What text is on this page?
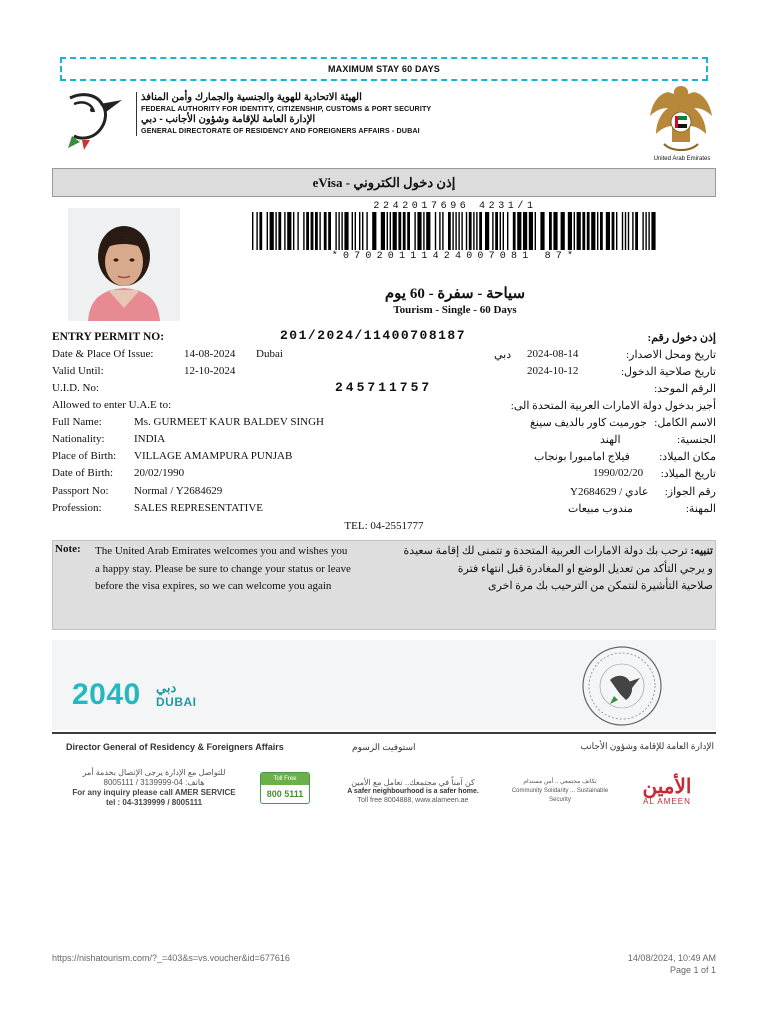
MAXIMUM STAY 60 DAYS
الهيئة الاتحادية للهوية والجنسية والجمارك وأمن المنافذ
FEDERAL AUTHORITY FOR IDENTITY, CITIZENSHIP, CUSTOMS & PORT SECURITY
الإدارة العامة للإقامة وشؤون الأجانب - دبي
GENERAL DIRECTORATE OF RESIDENCY AND FOREIGNERS AFFAIRS - DUBAI
United Arab Emirates
eVisa - إذن دخول الكتروني
2242017696 4231/1
*07020111424007081 87*
سياحة - سفرة - 60 يوم
Tourism - Single - 60 Days
ENTRY PERMIT NO:	201/2024/11400708187	إذن دخول رقم:
Date & Place Of Issue:	14-08-2024 Dubai	دبي 2024-08-14	تاريخ ومحل الاصدار:
Valid Until:	12-10-2024	2024-10-12	تاريخ صلاحية الدخول:
U.I.D. No:	245711757	الرقم الموحد:
Allowed to enter U.A.E to:	أجيز بدخول دولة الامارات العربية المتحدة الى:
Full Name:	Ms. GURMEET KAUR BALDEV SINGH	جورميت كاور بالديف سينغ الاسم الكامل:
Nationality:	INDIA	الهند	الجنسية:
Place of Birth: VILLAGE AMAMPURA PUNJAB	فيلاج امامبورا بونجاب	مكان الميلاد:
Date of Birth: 20/02/1990	1990/02/20 تاريخ الميلاد:
Passport No: Normal / Y2684629	Y2684629 / عادي رقم الجواز:
Profession:	SALES REPRESENTATIVE	مندوب مبيعات	المهنة:
TEL: 04-2551777
Note: The United Arab Emirates welcomes you and wishes you
a happy stay. Please be sure to change your status or leave
before the visa expires, so we can welcome you again
تنبيه: ترحب بك دولة الامارات العربية المتحدة و تتمنى لك إقامة سعيدة و يرجي التأكد من تعديل الوضع او المغادرة قبل انتهاء فترة
صلاحية التأشيرة لنتمكن من الترحيب بك مرة اخرى
2040 دبي
DUBAI
Director General of Residency & Foreigners Affairs	استوفيت الرسوم	الإدارة العامة للإقامة وشؤون الأجانب
للتواصل مع الإدارة يرجى الإتصال بخدمة أمر
هاتف: 04-3139999 / 8005111
For any inquiry please call AMER SERVICE
tel : 04-3139999 / 8005111
Toll Free
800 5111
كن آمناً في مجتمعك.. تعامل مع الأمين
A safer neighbourhood is a safer home.
Toll free 8004888, www.alameen.ae
تكاتف مجتمعي .. أمن مستدام
Community Solidarity ... Sustainable Security
الأمين
AL AMEEN
https://nishatourism.com/?_=403&s=vs.voucher&id=677616	14/08/2024, 10:49 AM
Page 1 of 1
